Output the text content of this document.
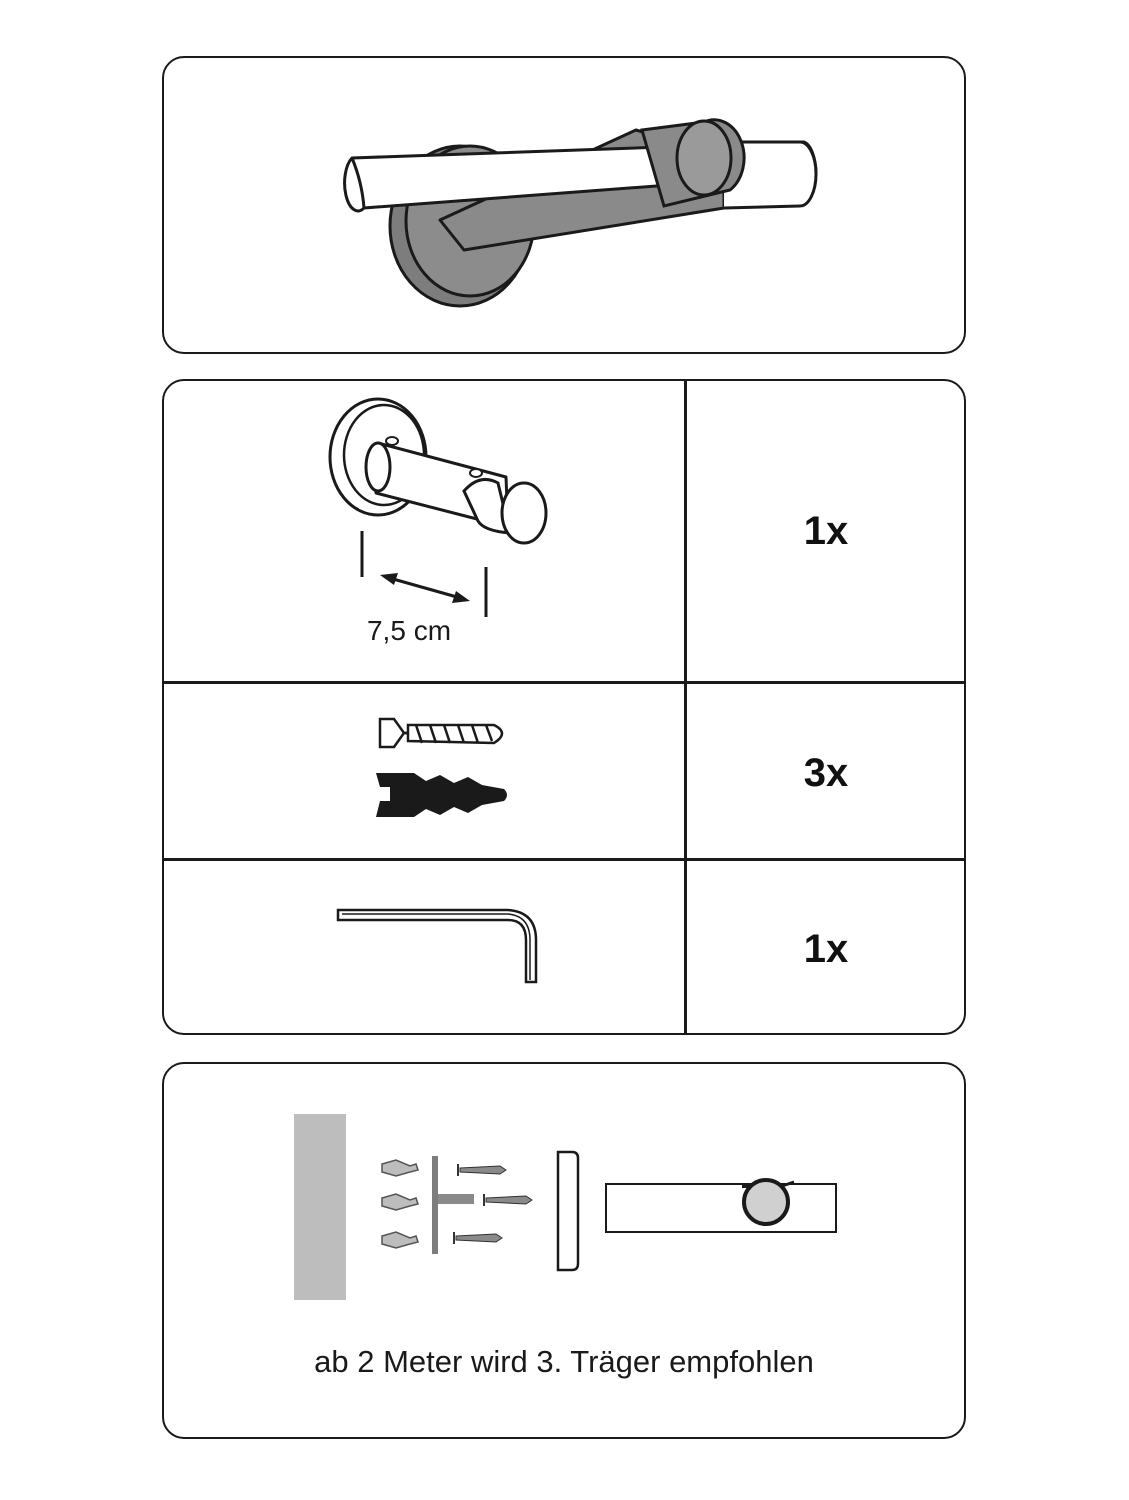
7,5 cm
1x
3x
1x
ab 2 Meter wird 3. Träger empfohlen
